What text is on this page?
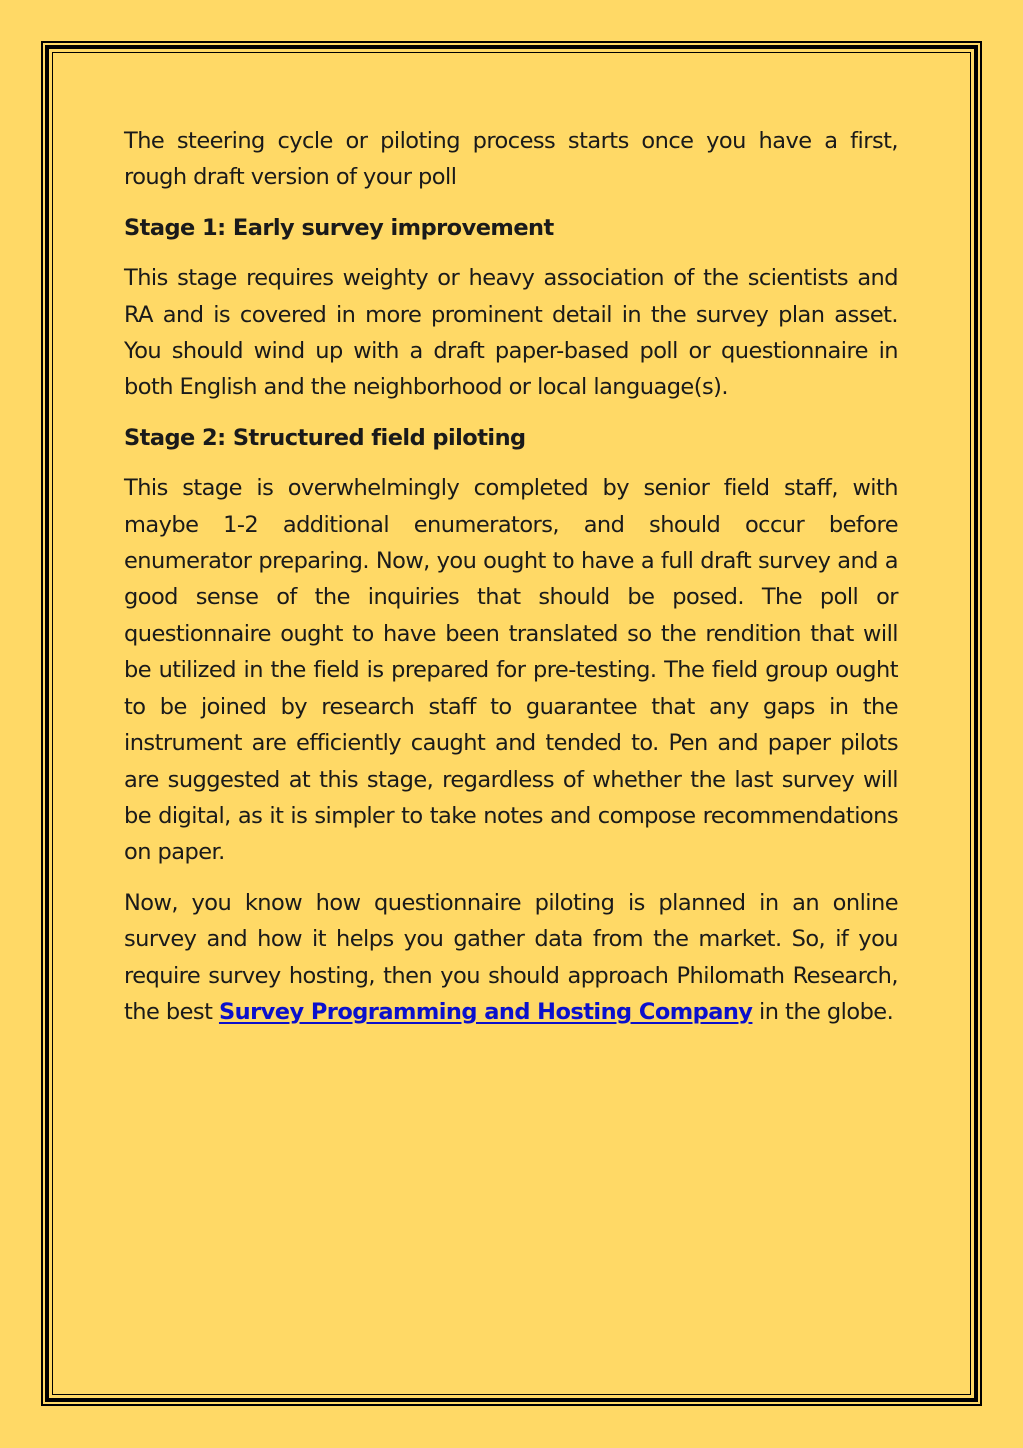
The steering cycle or piloting process starts once you have a first, rough draft version of your poll

Stage 1: Early survey improvement

This stage requires weighty or heavy association of the scientists and RA and is covered in more prominent detail in the survey plan asset. You should wind up with a draft paper-based poll or questionnaire in both English and the neighborhood or local language(s).

Stage 2: Structured field piloting

This stage is overwhelmingly completed by senior field staff, with maybe 1-2 additional enumerators, and should occur before enumerator preparing. Now, you ought to have a full draft survey and a good sense of the inquiries that should be posed. The poll or questionnaire ought to have been translated so the rendition that will be utilized in the field is prepared for pre-testing. The field group ought to be joined by research staff to guarantee that any gaps in the instrument are efficiently caught and tended to. Pen and paper pilots are suggested at this stage, regardless of whether the last survey will be digital, as it is simpler to take notes and compose recommendations on paper.

Now, you know how questionnaire piloting is planned in an online survey and how it helps you gather data from the market. So, if you require survey hosting, then you should approach Philomath Research, the best Survey Programming and Hosting Company in the globe.
